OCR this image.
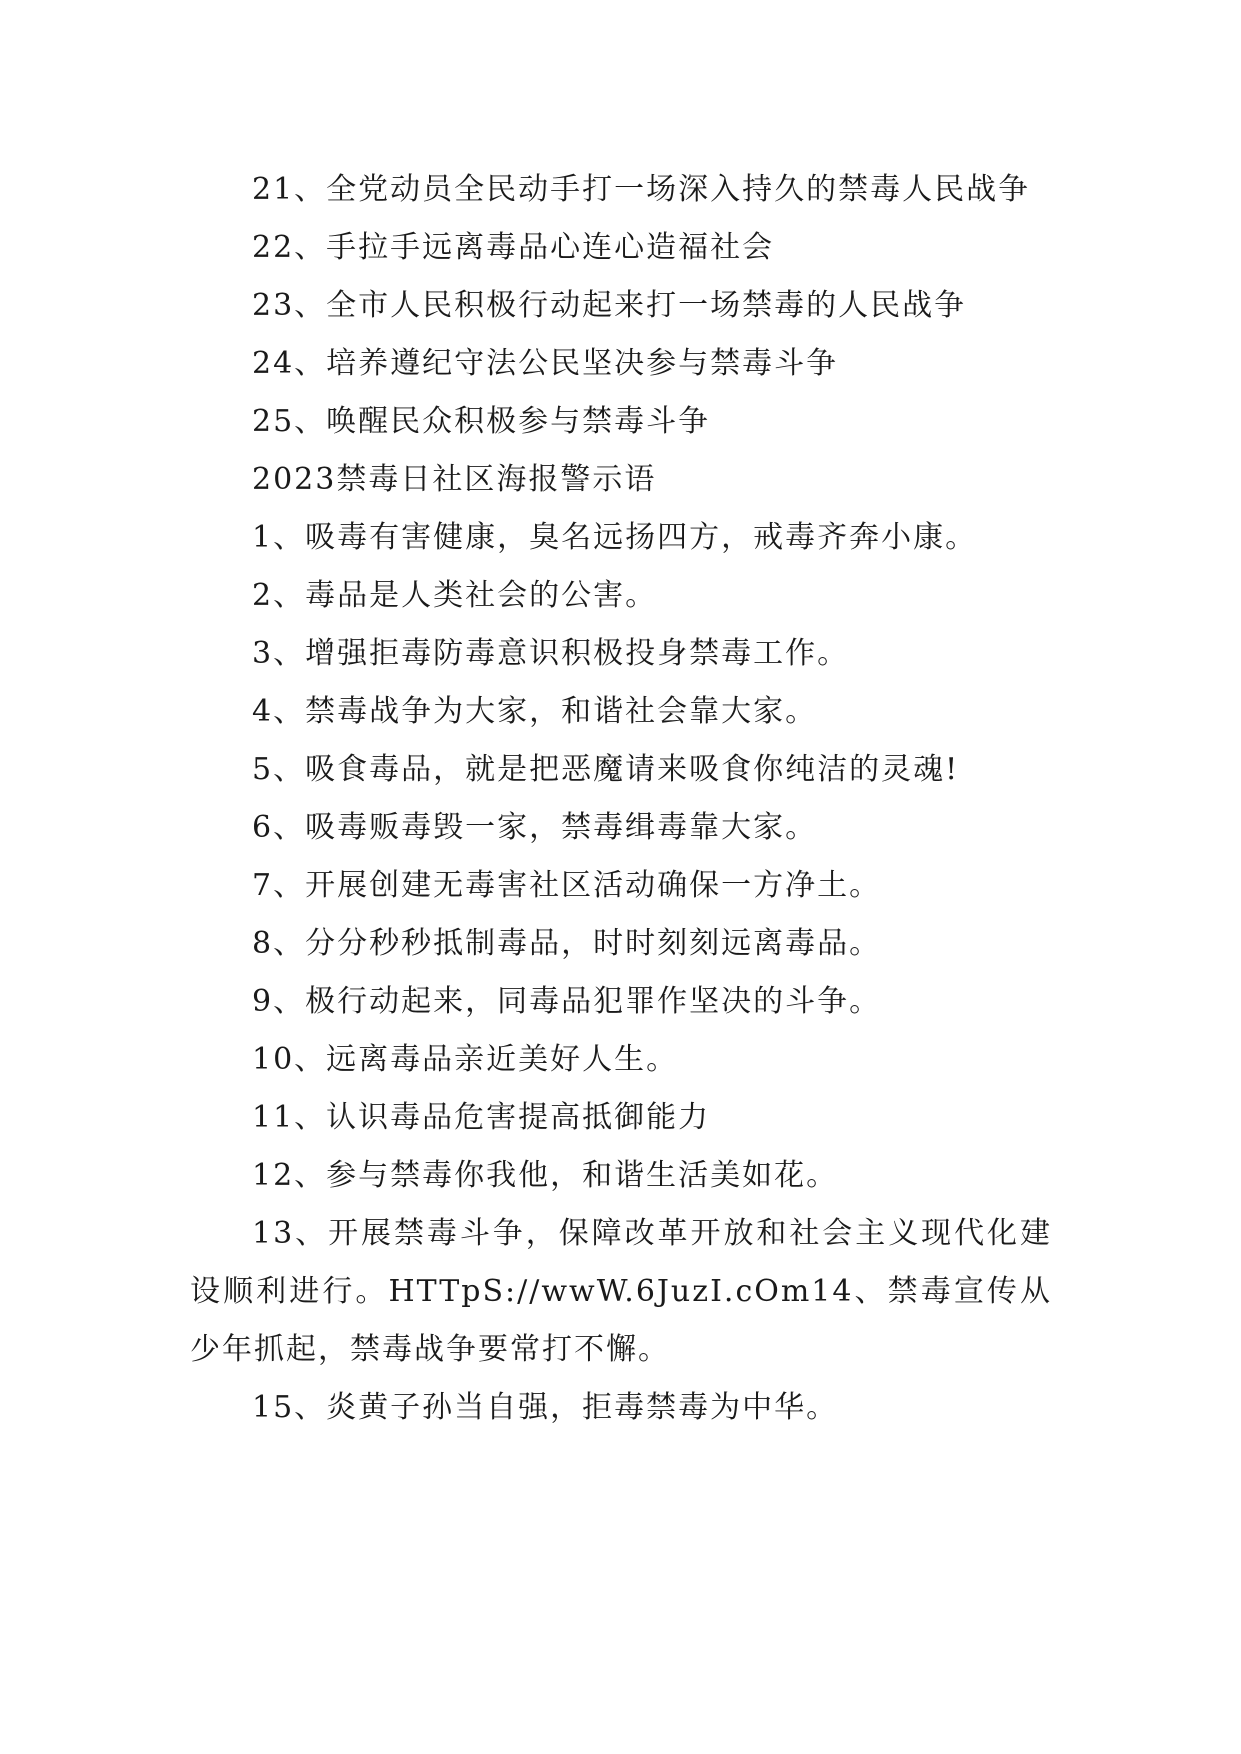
21、全党动员全民动手打一场深入持久的禁毒人民战争
22、手拉手远离毒品心连心造福社会
23、全市人民积极行动起来打一场禁毒的人民战争
24、培养遵纪守法公民坚决参与禁毒斗争
25、唤醒民众积极参与禁毒斗争
2023禁毒日社区海报警示语
1、吸毒有害健康，臭名远扬四方，戒毒齐奔小康。
2、毒品是人类社会的公害。
3、增强拒毒防毒意识积极投身禁毒工作。
4、禁毒战争为大家，和谐社会靠大家。
5、吸食毒品，就是把恶魔请来吸食你纯洁的灵魂!
6、吸毒贩毒毁一家，禁毒缉毒靠大家。
7、开展创建无毒害社区活动确保一方净土。
8、分分秒秒抵制毒品，时时刻刻远离毒品。
9、极行动起来，同毒品犯罪作坚决的斗争。
10、远离毒品亲近美好人生。
11、认识毒品危害提高抵御能力
12、参与禁毒你我他，和谐生活美如花。

13、开展禁毒斗争，保障改革开放和社会主义现代化建设顺利进行。HTTpS://wwW.6JuzI.cOm14、禁毒宣传从少年抓起，禁毒战争要常打不懈。

15、炎黄子孙当自强，拒毒禁毒为中华。
